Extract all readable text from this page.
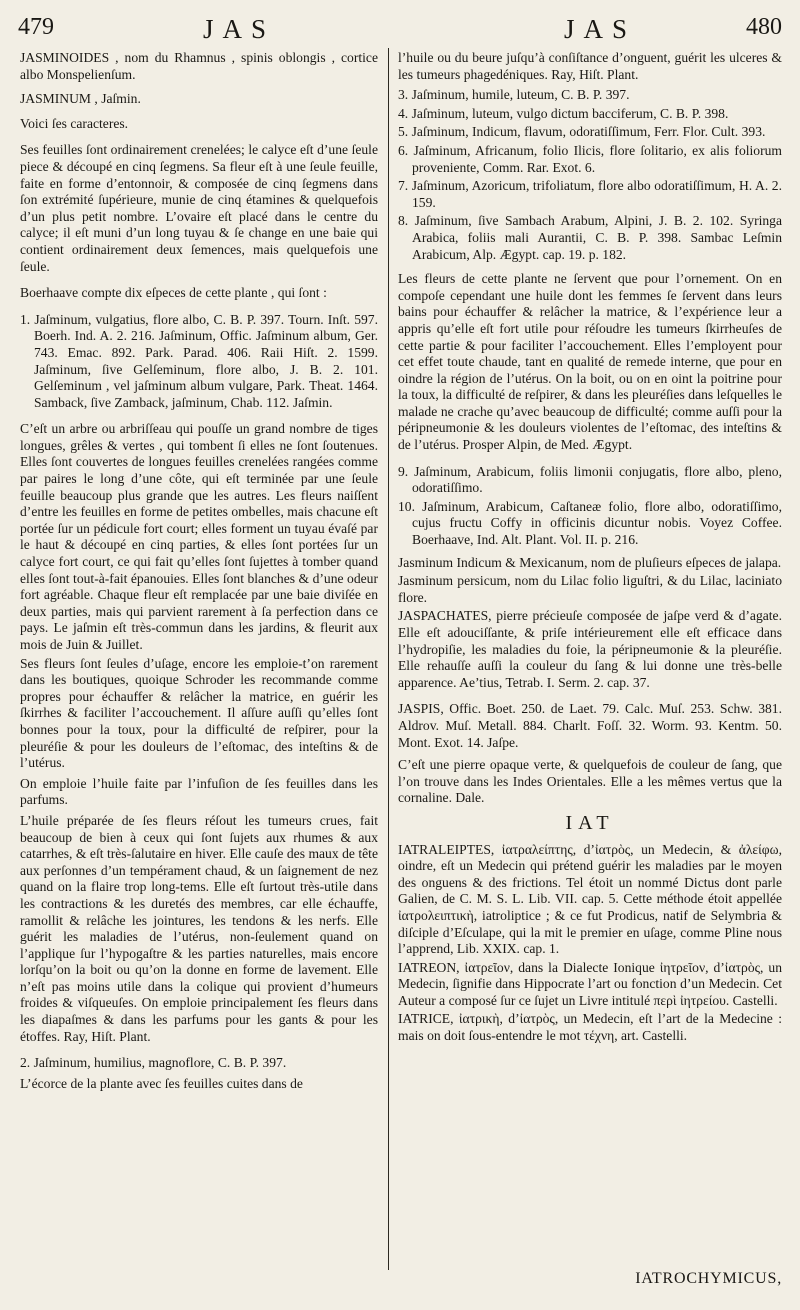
479	JAS	JAS	480

JASMINOIDES , nom du Rhamnus , spinis oblongis , cortice albo Monspelienſum.

JASMINUM , Jaſmin.

Voici ſes caracteres.

Ses feuilles ſont ordinairement crenelées; le calyce eſt d’une ſeule piece & découpé en cinq ſegmens. Sa fleur eſt à une ſeule feuille, faite en forme d’entonnoir, & composée de cinq ſegmens dans ſon extrémité ſupérieure, munie de cinq étamines & quelquefois d’un plus petit nombre. L’ovaire eſt placé dans le centre du calyce; il eſt muni d’un long tuyau & ſe change en une baie qui contient ordinairement deux ſemences, mais quelquefois une ſeule.

Boerhaave compte dix eſpeces de cette plante , qui ſont :

1. Jaſminum, vulgatius, flore albo, C. B. P. 397. Tourn. Inſt. 597. Boerh. Ind. A. 2. 216. Jaſminum, Offic. Jaſminum album, Ger. 743. Emac. 892. Park. Parad. 406. Raii Hiſt. 2. 1599. Jaſminum, ſive Gelſeminum, flore albo, J. B. 2. 101. Gelſeminum , vel jaſminum album vulgare, Park. Theat. 1464. Samback, ſive Zamback, jaſminum, Chab. 112. Jaſmin.

C’eſt un arbre ou arbriſſeau qui pouſſe un grand nombre de tiges longues, grêles & vertes , qui tombent ſi elles ne ſont ſoutenues. Elles ſont couvertes de longues feuilles crenelées rangées comme par paires le long d’une côte, qui eſt terminée par une ſeule feuille beaucoup plus grande que les autres. Les fleurs naiſſent d’entre les feuilles en forme de petites ombelles, mais chacune eſt portée ſur un pédicule fort court; elles forment un tuyau évaſé par le haut & découpé en cinq parties, & elles ſont portées ſur un calyce fort court, ce qui fait qu’elles ſont ſujettes à tomber quand elles ſont tout-à-fait épanouies. Elles ſont blanches & d’une odeur fort agréable. Chaque fleur eſt remplacée par une baie diviſée en deux parties, mais qui parvient rarement à ſa perfection dans ce pays. Le jaſmin eſt très-commun dans les jardins, & fleurit aux mois de Juin & Juillet.

Ses fleurs ſont ſeules d’uſage, encore les emploie-t’on rarement dans les boutiques, quoique Schroder les recommande comme propres pour échauffer & relâcher la matrice, en guérir les ſkirrhes & faciliter l’accouchement. Il aſſure auſſi qu’elles ſont bonnes pour la toux, pour la difficulté de reſpirer, pour la pleuréſie & pour les douleurs de l’eſtomac, des inteſtins & de l’utérus.

On emploie l’huile faite par l’infuſion de ſes feuilles dans les parfums.

L’huile préparée de ſes fleurs réſout les tumeurs crues, fait beaucoup de bien à ceux qui ſont ſujets aux rhumes & aux catarrhes, & eſt très-ſalutaire en hiver. Elle cauſe des maux de tête aux perſonnes d’un tempérament chaud, & un ſaignement de nez quand on la flaire trop long-tems. Elle eſt ſurtout très-utile dans les contractions & les duretés des membres, car elle échauffe, ramollit & relâche les jointures, les tendons & les nerfs. Elle guérit les maladies de l’utérus, non-ſeulement quand on l’applique ſur l’hypogaſtre & les parties naturelles, mais encore lorſqu’on la boit ou qu’on la donne en forme de lavement. Elle n’eſt pas moins utile dans la colique qui provient d’humeurs froides & viſqueuſes. On emploie principalement ſes fleurs dans les diapaſmes & dans les parfums pour les gants & pour les étoffes. Ray, Hiſt. Plant.

2. Jaſminum, humilius, magnoflore, C. B. P. 397.

L’écorce de la plante avec ſes feuilles cuites dans de

l’huile ou du beure juſqu’à conſiſtance d’onguent, guérit les ulceres & les tumeurs phagedéniques. Ray, Hiſt. Plant.

3. Jaſminum, humile, luteum, C. B. P. 397.

4. Jaſminum, luteum, vulgo dictum bacciferum, C. B. P. 398.

5. Jaſminum, Indicum, flavum, odoratiſſimum, Ferr. Flor. Cult. 393.

6. Jaſminum, Africanum, folio Ilicis, flore ſolitario, ex alis foliorum proveniente, Comm. Rar. Exot. 6.

7. Jaſminum, Azoricum, trifoliatum, flore albo odoratiſſimum, H. A. 2. 159.

8. Jaſminum, ſive Sambach Arabum, Alpini, J. B. 2. 102. Syringa Arabica, foliis mali Aurantii, C. B. P. 398. Sambac Leſmin Arabicum, Alp. Ægypt. cap. 19. p. 182.

Les fleurs de cette plante ne ſervent que pour l’ornement. On en compoſe cependant une huile dont les femmes ſe ſervent dans leurs bains pour échauffer & relâcher la matrice, & l’expérience leur a appris qu’elle eſt fort utile pour réſoudre les tumeurs ſkirrheuſes de cette partie & pour faciliter l’accouchement. Elles l’employent pour cet effet toute chaude, tant en qualité de remede interne, que pour en oindre la région de l’utérus. On la boit, ou on en oint la poitrine pour la toux, la difficulté de reſpirer, & dans les pleuréſies dans leſquelles le malade ne crache qu’avec beaucoup de difficulté; comme auſſi pour la péripneumonie & les douleurs violentes de l’eſtomac, des inteſtins & de l’utérus. Prosper Alpin, de Med. Ægypt.

9. Jaſminum, Arabicum, foliis limonii conjugatis, flore albo, pleno, odoratiſſimo.

10. Jaſminum, Arabicum, Caſtaneæ folio, flore albo, odoratiſſimo, cujus fructu Coffy in officinis dicuntur nobis. Voyez Coffee. Boerhaave, Ind. Alt. Plant. Vol. II. p. 216.

Jasminum Indicum & Mexicanum, nom de pluſieurs eſpeces de jalapa.

Jasminum persicum, nom du Lilac folio liguſtri, & du Lilac, laciniato flore.

JASPACHATES, pierre précieuſe composée de jaſpe verd & d’agate. Elle eſt adouciſſante, & priſe intérieurement elle eſt efficace dans l’hydropiſie, les maladies du foie, la péripneumonie & la pleuréſie. Elle rehauſſe auſſi la couleur du ſang & lui donne une très-belle apparence. Ae’tius, Tetrab. I. Serm. 2. cap. 37.

JASPIS, Offic. Boet. 250. de Laet. 79. Calc. Muſ. 253. Schw. 381. Aldrov. Muſ. Metall. 884. Charlt. Foſſ. 32. Worm. 93. Kentm. 50. Mont. Exot. 14. Jaſpe.

C’eſt une pierre opaque verte, & quelquefois de couleur de ſang, que l’on trouve dans les Indes Orientales. Elle a les mêmes vertus que la cornaline. Dale.

IAT

IATRALEIPTES, ἰατραλείπτης, d’ἰατρὸς, un Medecin, & ἀλείφω, oindre, eſt un Medecin qui prétend guérir les maladies par le moyen des onguens & des frictions. Tel étoit un nommé Dictus dont parle Galien, de C. M. S. L. Lib. VII. cap. 5. Cette méthode étoit appellée ἰατρολειπτικὴ, iatroliptice ; & ce fut Prodicus, natif de Selymbria & diſciple d’Eſculape, qui la mit le premier en uſage, comme Pline nous l’apprend, Lib. XXIX. cap. 1.

IATREON, ἰατρεῖον, dans la Dialecte Ionique ἰητρεῖον, d’ἰατρὸς, un Medecin, ſignifie dans Hippocrate l’art ou fonction d’un Medecin. Cet Auteur a composé ſur ce ſujet un Livre intitulé περὶ ἰητρείου. Castelli.

IATRICE, ἰατρικὴ, d’ἰατρὸς, un Medecin, eſt l’art de la Medecine : mais on doit ſous-entendre le mot τέχνη, art. Castelli.

IATROCHYMICUS,
